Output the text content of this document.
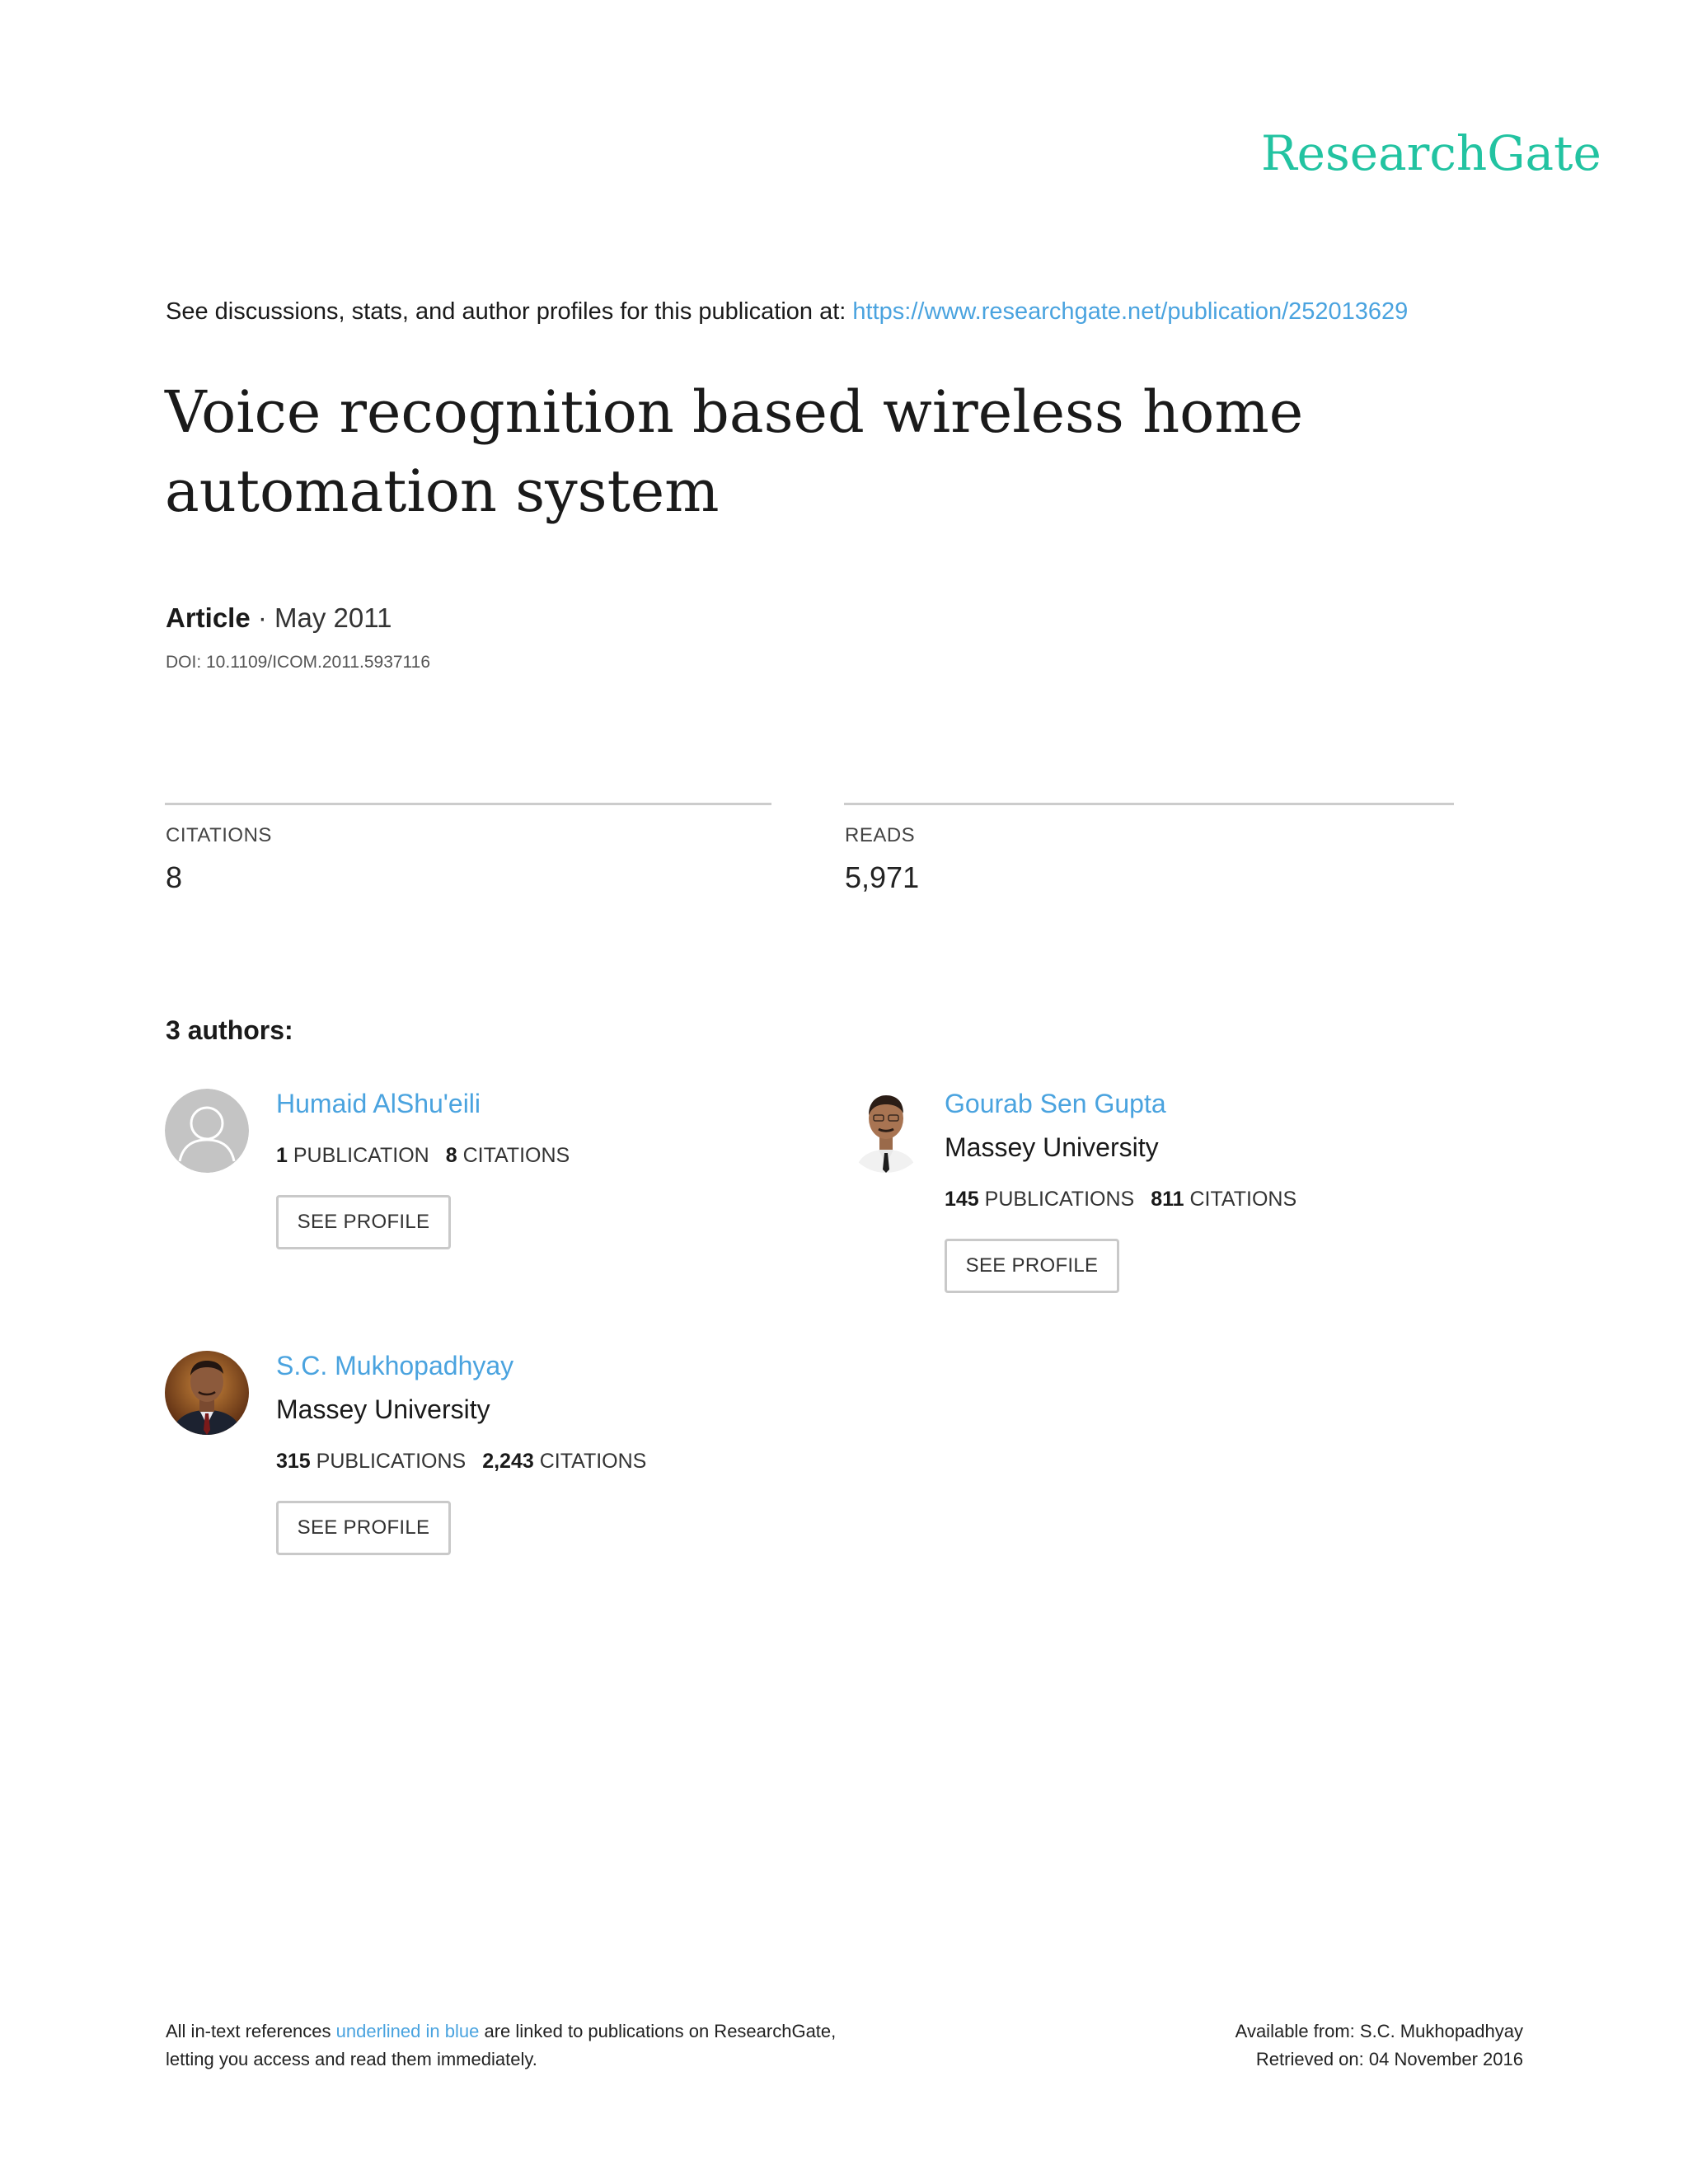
ResearchGate
See discussions, stats, and author profiles for this publication at: https://www.researchgate.net/publication/252013629
Voice recognition based wireless home
automation system
Article · May 2011
DOI: 10.1109/ICOM.2011.5937116
CITATIONS
8
READS
5,971
3 authors:
Humaid AlShu'eili
1 PUBLICATION 8 CITATIONS
SEE PROFILE
Gourab Sen Gupta
Massey University
145 PUBLICATIONS 811 CITATIONS
SEE PROFILE
S.C. Mukhopadhyay
Massey University
315 PUBLICATIONS 2,243 CITATIONS
SEE PROFILE
All in-text references underlined in blue are linked to publications on ResearchGate,
letting you access and read them immediately.
Available from: S.C. Mukhopadhyay
Retrieved on: 04 November 2016
